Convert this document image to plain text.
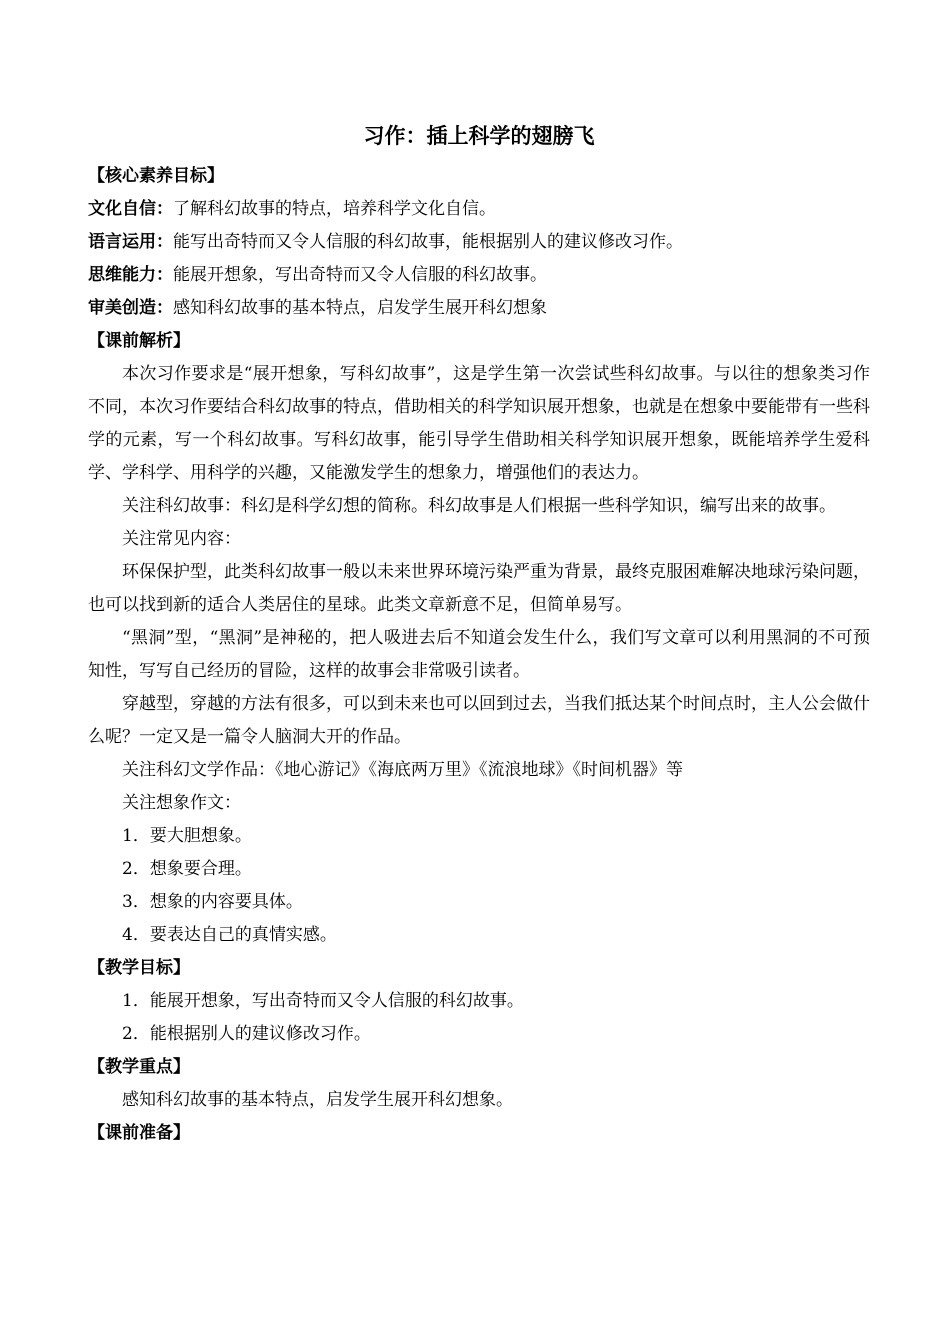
习作：插上科学的翅膀飞
【核心素养目标】
文化自信：了解科幻故事的特点，培养科学文化自信。
语言运用：能写出奇特而又令人信服的科幻故事，能根据别人的建议修改习作。
思维能力：能展开想象，写出奇特而又令人信服的科幻故事。
审美创造：感知科幻故事的基本特点，启发学生展开科幻想象
【课前解析】

本次习作要求是“展开想象，写科幻故事”，这是学生第一次尝试些科幻故事。与以往的想象类习作不同，本次习作要结合科幻故事的特点，借助相关的科学知识展开想象，也就是在想象中要能带有一些科学的元素，写一个科幻故事。写科幻故事，能引导学生借助相关科学知识展开想象，既能培养学生爱科学、学科学、用科学的兴趣，又能激发学生的想象力，增强他们的表达力。

关注科幻故事：科幻是科学幻想的简称。科幻故事是人们根据一些科学知识，编写出来的故事。

关注常见内容：

环保保护型，此类科幻故事一般以未来世界环境污染严重为背景，最终克服困难解决地球污染问题，也可以找到新的适合人类居住的星球。此类文章新意不足，但简单易写。

“黑洞”型，“黑洞”是神秘的，把人吸进去后不知道会发生什么，我们写文章可以利用黑洞的不可预知性，写写自己经历的冒险，这样的故事会非常吸引读者。

穿越型，穿越的方法有很多，可以到未来也可以回到过去，当我们抵达某个时间点时，主人公会做什么呢？一定又是一篇令人脑洞大开的作品。

关注科幻文学作品：《地心游记》《海底两万里》《流浪地球》《时间机器》等

关注想象作文：

1．要大胆想象。

2．想象要合理。

3．想象的内容要具体。

4．要表达自己的真情实感。

【教学目标】

1．能展开想象，写出奇特而又令人信服的科幻故事。

2．能根据别人的建议修改习作。

【教学重点】

感知科幻故事的基本特点，启发学生展开科幻想象。

【课前准备】
